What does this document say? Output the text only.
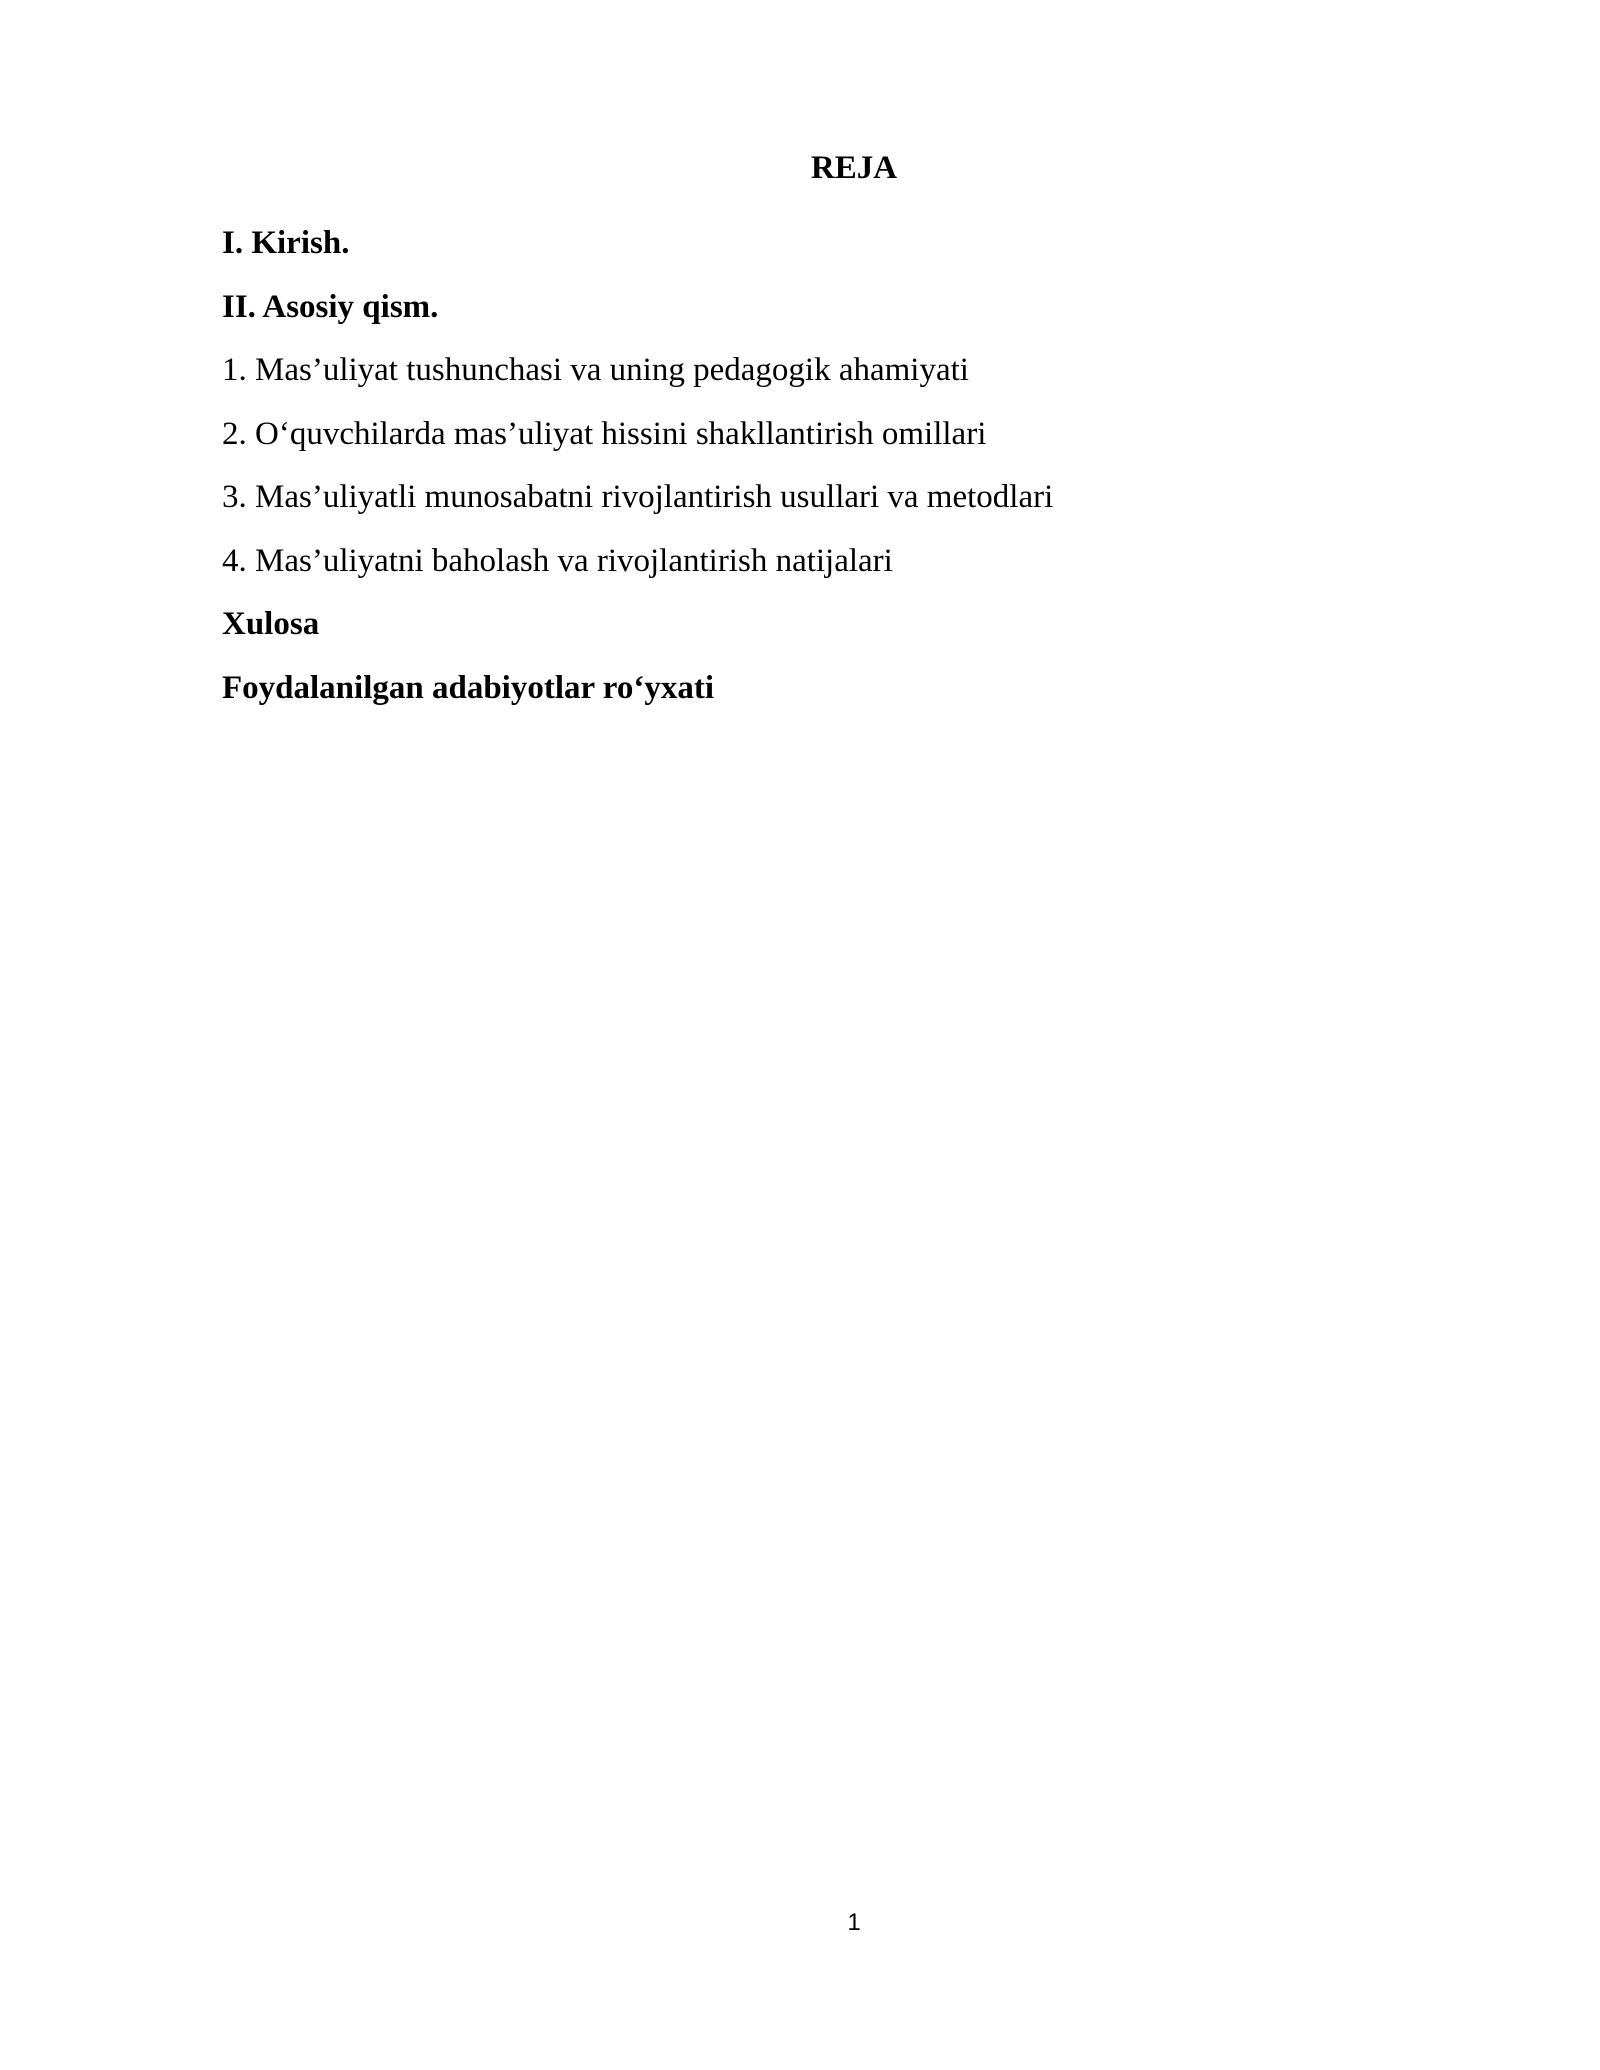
REJA
I. Kirish.
II. Asosiy qism.
1. Mas’uliyat tushunchasi va uning pedagogik ahamiyati
2. O‘quvchilarda mas’uliyat hissini shakllantirish omillari
3. Mas’uliyatli munosabatni rivojlantirish usullari va metodlari
4. Mas’uliyatni baholash va rivojlantirish natijalari
Xulosa
Foydalanilgan adabiyotlar ro‘yxati
1
